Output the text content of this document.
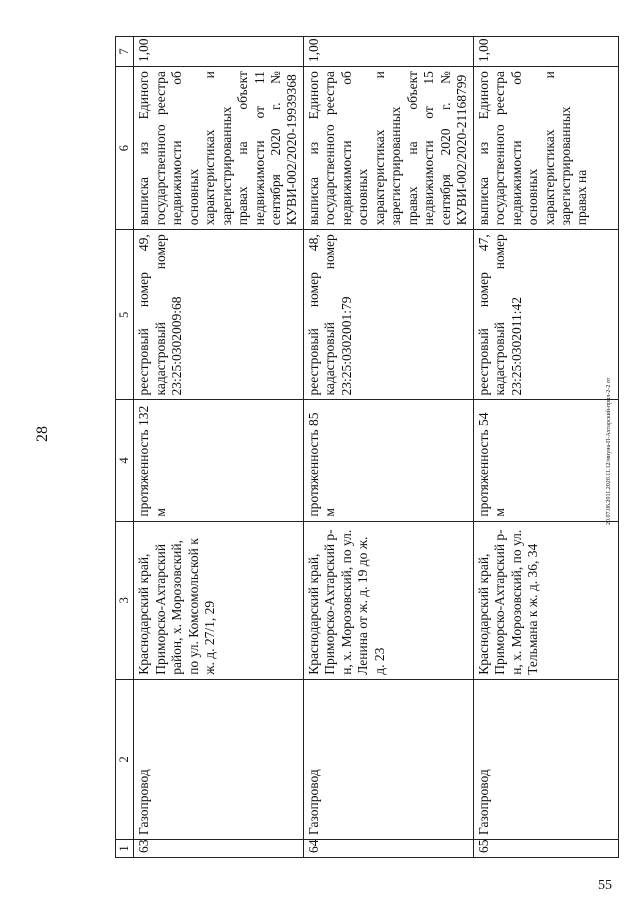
28
1	2	3	4	5	6	7
63	Газопровод	Краснодарский край, Приморско-Ахтарский район, х. Морозовский, по ул. Комсомольской к ж. д. 27/1, 29	протяженность 132 м	реестровый номер 49, кадастровый номер 23:25:0302009:68	выписка из Единого государственного реестра недвижимости об основных характеристиках и зарегистрированных правах на объект недвижимости от 11 сентября 2020 г. № КУВИ-002/2020-19939368	1,00
64	Газопровод	Краснодарский край, Приморско-Ахтарский р-н, х. Морозовский, по ул. Ленина от ж. д. 19 до ж. д. 23	протяженность 85 м	реестровый номер 48, кадастровый номер 23:25:0302001:79	выписка из Единого государственного реестра недвижимости об основных характеристиках и зарегистрированных правах на объект недвижимости от 15 сентября 2020 г. № КУВИ-002/2020-21168799	1,00
65	Газопровод	Краснодарский край, Приморско-Ахтарский р-н, х. Морозовский, по ул. Тельмана к ж. д. 36, 34	протяженность 54 м	реестровый номер 47, кадастровый номер 23:25:0302011:42	выписка из Единого государственного реестра недвижимости об основных характеристиках и зарегистрированных правах на	1,00
20.07.06.2011.2020.11.12/мнуна-П-Ахтарский-прил-2-2 от
55
